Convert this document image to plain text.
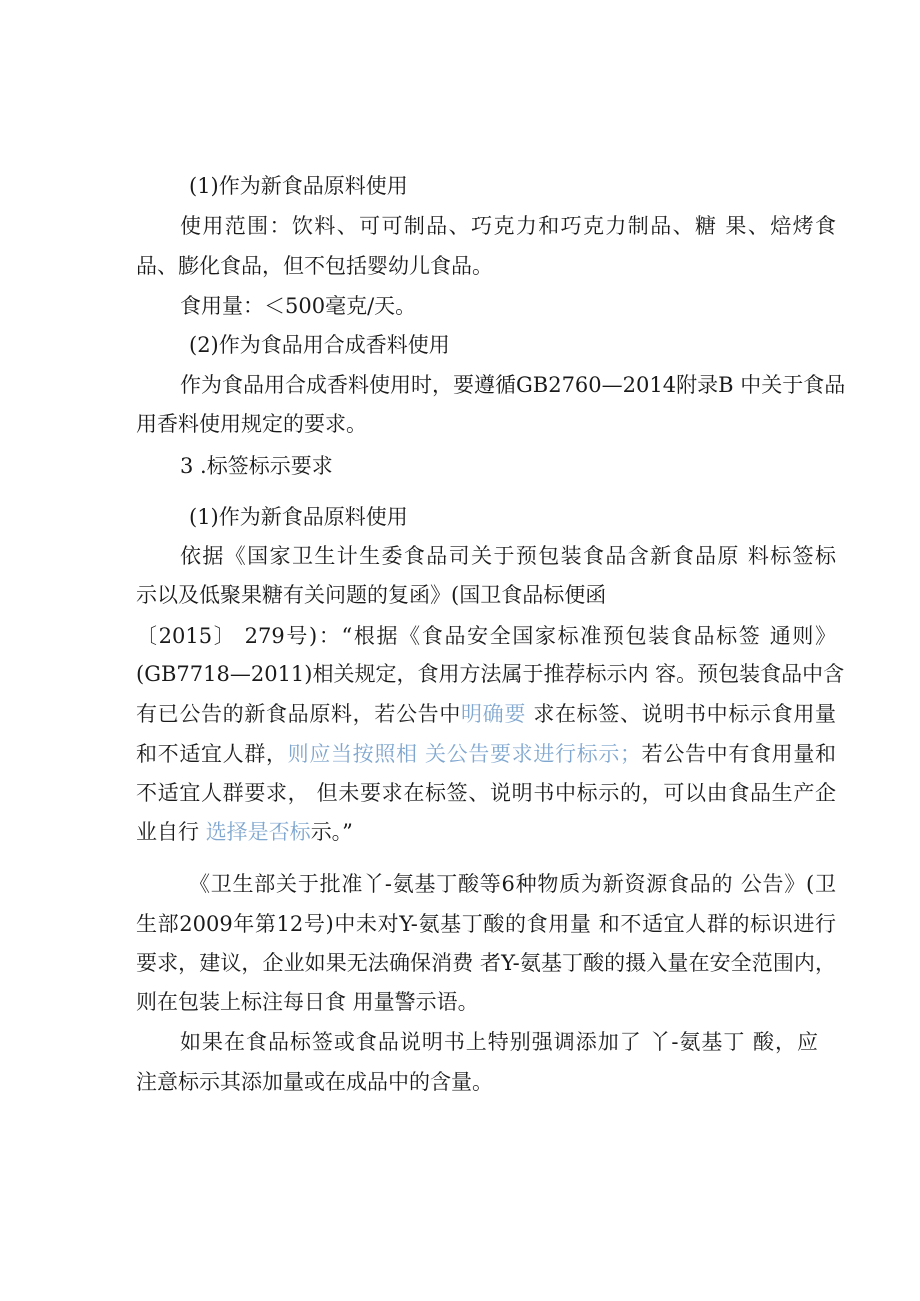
(1)作为新食品原料使用
使用范围：饮料、可可制品、巧克力和巧克力制品、糖 果、焙烤食
品、膨化食品，但不包括婴幼儿食品。
食用量：＜500毫克/天。
(2)作为食品用合成香料使用
作为食品用合成香料使用时，要遵循GB2760—2014附录B 中关于食品
用香料使用规定的要求。
3 .标签标示要求
(1)作为新食品原料使用
依据《国家卫生计生委食品司关于预包装食品含新食品原 料标签标
示以及低聚果糖有关问题的复函》(国卫食品标便函
〔2015〕 279号)：“根据《食品安全国家标准预包装食品标签 通则》
(GB7718—2011)相关规定，食用方法属于推荐标示内 容。预包装食品中含
有已公告的新食品原料，若公告中明确要 求在标签、说明书中标示食用量
和不适宜人群，则应当按照相 关公告要求进行标示；若公告中有食用量和
不适宜人群要求， 但未要求在标签、说明书中标示的，可以由食品生产企
业自行 选择是否标示。”
《卫生部关于批准丫-氨基丁酸等6种物质为新资源食品的 公告》(卫
生部2009年第12号)中未对Y-氨基丁酸的食用量 和不适宜人群的标识进行
要求，建议，企业如果无法确保消费 者Y-氨基丁酸的摄入量在安全范围内，
则在包装上标注每日食 用量警示语。
如果在食品标签或食品说明书上特别强调添加了 丫-氨基丁 酸，应
注意标示其添加量或在成品中的含量。
